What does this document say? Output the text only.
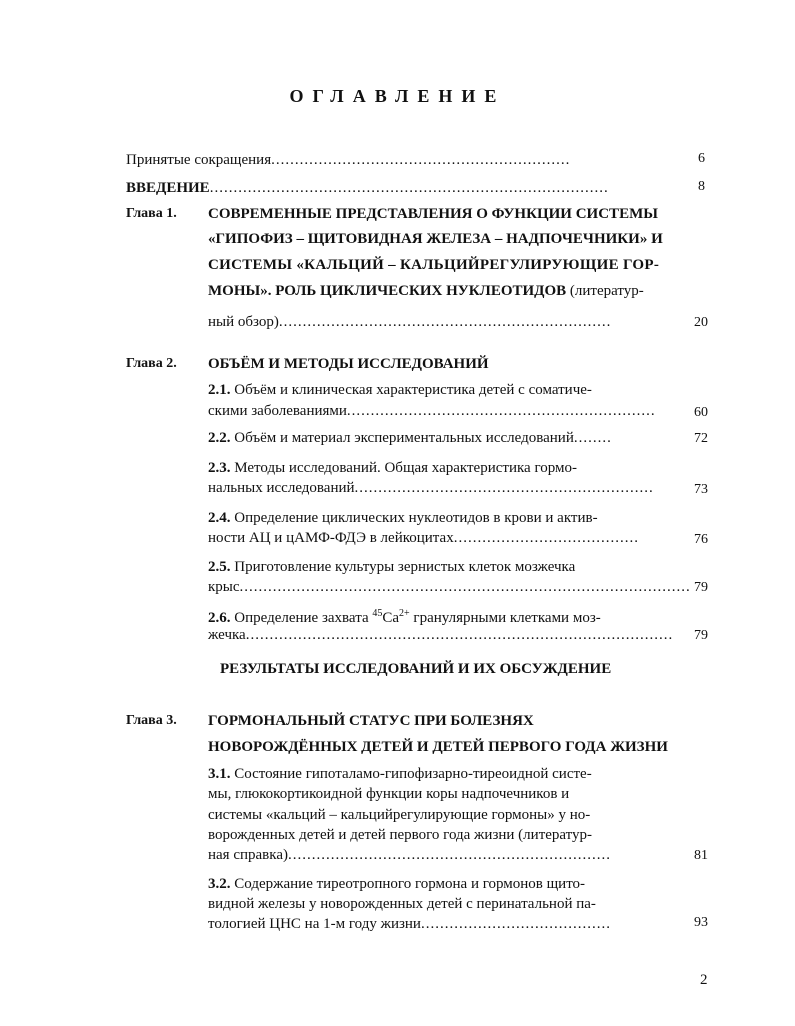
ОГЛАВЛЕНИЕ
Принятые сокращения...............................................................	6
ВВЕДЕНИЕ....................................................................................	8
Глава 1. СОВРЕМЕННЫЕ ПРЕДСТАВЛЕНИЯ О ФУНКЦИИ СИСТЕМЫ
«ГИПОФИЗ – ЩИТОВИДНАЯ ЖЕЛЕЗА – НАДПОЧЕЧНИКИ» И
СИСТЕМЫ «КАЛЬЦИЙ – КАЛЬЦИЙРЕГУЛИРУЮЩИЕ ГОР-
МОНЫ». РОЛЬ ЦИКЛИЧЕСКИХ НУКЛЕОТИДОВ (литератур-
ный обзор)......................................................................	20
Глава 2. ОБЪЁМ И МЕТОДЫ ИССЛЕДОВАНИЙ
2.1. Объём и клиническая характеристика детей с соматиче-
скими заболеваниями.................................................................	60
2.2. Объём и материал экспериментальных исследований........	72
2.3. Методы исследований. Общая характеристика гормо-
нальных исследований...............................................................	73
2.4. Определение циклических нуклеотидов в крови и актив-
ности АЦ и цАМФ-ФДЭ в лейкоцитах.......................................	76
2.5. Приготовление культуры зернистых клеток мозжечка
крыс............................................................................................... 79
2.6. Определение захвата $^{45}Ca^{2+}$ гранулярными клетками моз-
жечка..........................................................................................	79
РЕЗУЛЬТАТЫ ИССЛЕДОВАНИЙ И ИХ ОБСУЖДЕНИЕ
Глава 3. ГОРМОНАЛЬНЫЙ СТАТУС ПРИ БОЛЕЗНЯХ
НОВОРОЖДЁННЫХ ДЕТЕЙ И ДЕТЕЙ ПЕРВОГО ГОДА ЖИЗНИ
3.1. Состояние гипоталамо-гипофизарно-тиреоидной систе-
мы, глюкокортикоидной функции коры надпочечников и
системы «кальций – кальцийрегулирующие гормоны» у но-
ворожденных детей и детей первого года жизни (литератур-
ная справка)....................................................................	81
3.2. Содержание тиреотропного гормона и гормонов щито-
видной железы у новорожденных детей с перинатальной па-
тологией ЦНС на 1-м году жизни........................................	93
2
